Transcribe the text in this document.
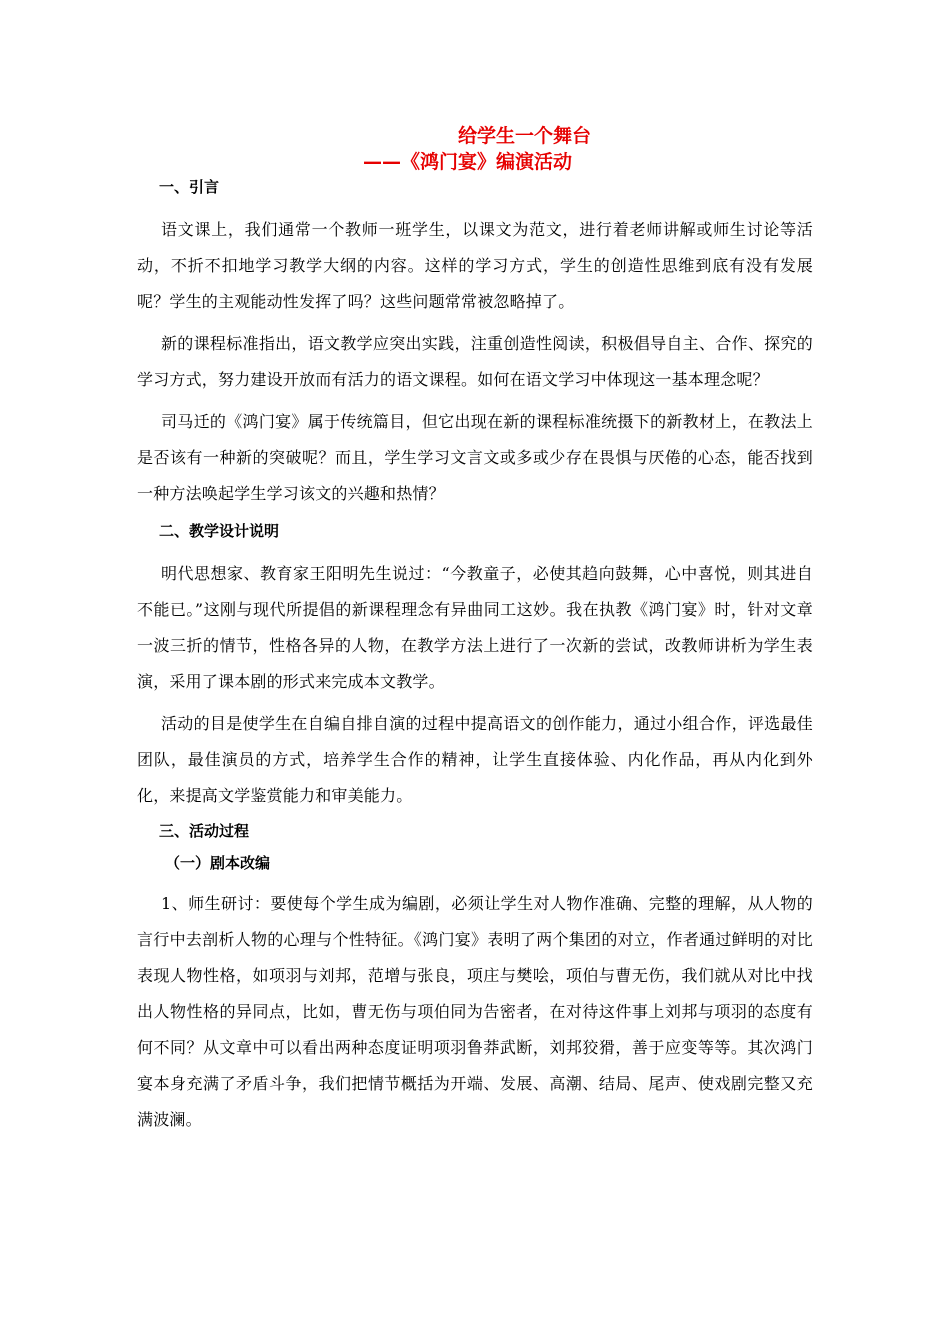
给学生一个舞台
——《鸿门宴》编演活动
一、引言

语文课上，我们通常一个教师一班学生，以课文为范文，进行着老师讲解或师生讨论等活动，不折不扣地学习教学大纲的内容。这样的学习方式，学生的创造性思维到底有没有发展呢？学生的主观能动性发挥了吗？这些问题常常被忽略掉了。

新的课程标准指出，语文教学应突出实践，注重创造性阅读，积极倡导自主、合作、探究的学习方式，努力建设开放而有活力的语文课程。如何在语文学习中体现这一基本理念呢？

司马迁的《鸿门宴》属于传统篇目，但它出现在新的课程标准统摄下的新教材上，在教法上是否该有一种新的突破呢？而且，学生学习文言文或多或少存在畏惧与厌倦的心态，能否找到一种方法唤起学生学习该文的兴趣和热情？

二、教学设计说明

明代思想家、教育家王阳明先生说过：“今教童子，必使其趋向鼓舞，心中喜悦，则其进自不能已。”这刚与现代所提倡的新课程理念有异曲同工这妙。我在执教《鸿门宴》时，针对文章一波三折的情节，性格各异的人物，在教学方法上进行了一次新的尝试，改教师讲析为学生表演，采用了课本剧的形式来完成本文教学。

活动的目是使学生在自编自排自演的过程中提高语文的创作能力，通过小组合作，评选最佳团队，最佳演员的方式，培养学生合作的精神，让学生直接体验、内化作品，再从内化到外化，来提高文学鉴赏能力和审美能力。

三、活动过程
（一）剧本改编

1、师生研讨：要使每个学生成为编剧，必须让学生对人物作准确、完整的理解，从人物的言行中去剖析人物的心理与个性特征。《鸿门宴》表明了两个集团的对立，作者通过鲜明的对比表现人物性格，如项羽与刘邦，范增与张良，项庄与樊哙，项伯与曹无伤，我们就从对比中找出人物性格的异同点，比如，曹无伤与项伯同为告密者，在对待这件事上刘邦与项羽的态度有何不同？从文章中可以看出两种态度证明项羽鲁莽武断，刘邦狡猾，善于应变等等。其次鸿门宴本身充满了矛盾斗争，我们把情节概括为开端、发展、高潮、结局、尾声、使戏剧完整又充满波澜。
